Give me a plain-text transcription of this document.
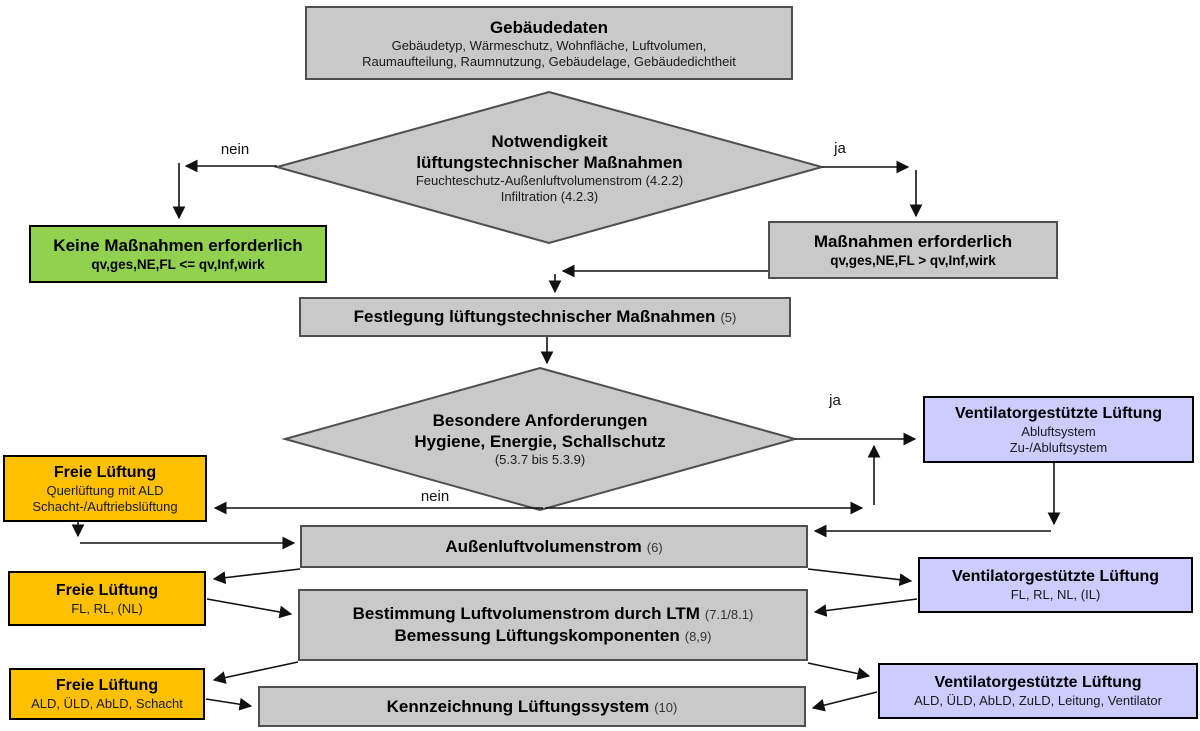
Gebäudedaten
Gebäudetyp, Wärmeschutz, Wohnfläche, Luftvolumen,
Raumaufteilung, Raumnutzung, Gebäudelage, Gebäudedichtheit
Notwendigkeit
lüftungstechnischer Maßnahmen
Feuchteschutz-Außenluftvolumenstrom (4.2.2)
Infiltration (4.2.3)
nein	ja
nein
ja
Keine Maßnahmen erforderlich
qv,ges,NE,FL <= qv,Inf,wirk
Maßnahmen erforderlich
qv,ges,NE,FL > qv,Inf,wirk
Festlegung lüftungstechnischer Maßnahmen (5)
Besondere Anforderungen
Hygiene, Energie, Schallschutz
(5.3.7 bis 5.3.9)
Freie Lüftung
Querlüftung mit ALD
Schacht-/Auftriebslüftung
Ventilatorgestützte Lüftung
Abluftsystem
Zu-/Abluftsystem
Außenluftvolumenstrom (6)
Freie Lüftung
FL, RL, (NL)
Ventilatorgestützte Lüftung
FL, RL, NL, (IL)
Bestimmung Luftvolumenstrom durch LTM (7.1/8.1)
Bemessung Lüftungskomponenten (8,9)
Freie Lüftung
ALD, ÜLD, AbLD, Schacht	Kennzeichnung Lüftungssystem (10)
Ventilatorgestützte Lüftung
ALD, ÜLD, AbLD, ZuLD, Leitung, Ventilator
